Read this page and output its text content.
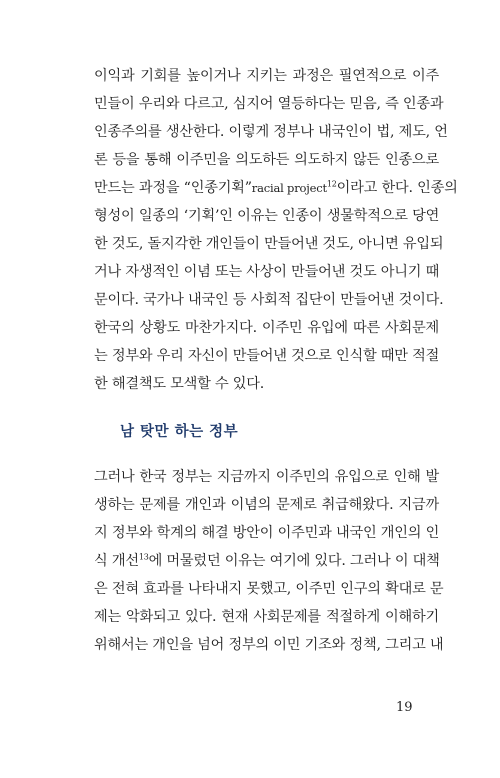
이익과 기회를 높이거나 지키는 과정은 필연적으로 이주
민들이 우리와 다르고, 심지어 열등하다는 믿음, 즉 인종과
인종주의를 생산한다. 이렇게 정부나 내국인이 법, 제도, 언
론 등을 통해 이주민을 의도하든 의도하지 않든 인종으로
만드는 과정을 “인종기획”racial project$^{12}$이라고 한다. 인종의
형성이 일종의 ‘기획’인 이유는 인종이 생물학적으로 당연
한 것도, 돌지각한 개인들이 만들어낸 것도, 아니면 유입되
거나 자생적인 이념 또는 사상이 만들어낸 것도 아니기 때
문이다. 국가나 내국인 등 사회적 집단이 만들어낸 것이다.
한국의 상황도 마찬가지다. 이주민 유입에 따른 사회문제
는 정부와 우리 자신이 만들어낸 것으로 인식할 때만 적절
한 해결책도 모색할 수 있다.
남 탓만 하는 정부
그러나 한국 정부는 지금까지 이주민의 유입으로 인해 발
생하는 문제를 개인과 이념의 문제로 취급해왔다. 지금까
지 정부와 학계의 해결 방안이 이주민과 내국인 개인의 인
식 개선$^{13}$에 머물렀던 이유는 여기에 있다. 그러나 이 대책
은 전혀 효과를 나타내지 못했고, 이주민 인구의 확대로 문
제는 악화되고 있다. 현재 사회문제를 적절하게 이해하기
위해서는 개인을 넘어 정부의 이민 기조와 정책, 그리고 내
19
